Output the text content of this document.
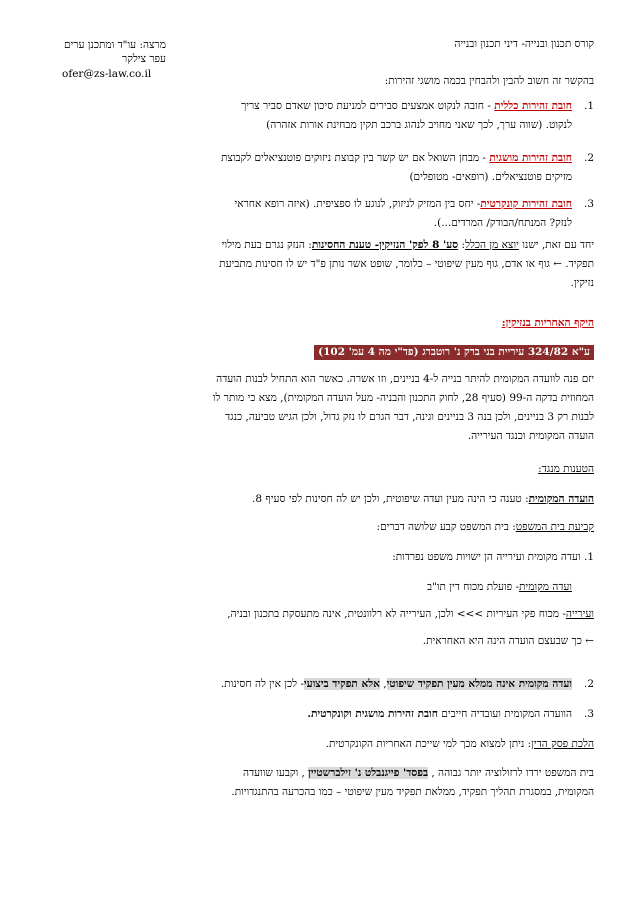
קורס תכנון ובנייה- דיני תכנון ובנייה
מרצה: עו"ד ומתכנן ערים
עפר צילקר
ofer@zs-law.co.il
בהקשר זה חשוב להבין ולהבחין בכמה מושגי זהירות:
1.חובת זהירות כללית - חובה לנקוט אמצעים סבירים למניעת סיכון שאדם סביר צריך
לנקוט. (שווה ערך, לכך שאני מחויב לנהוג ברכב תקין מבחינת אורות אזהרה)
2.חובת זהירות מושגית - מבחן השואל אם יש קשר בין קבוצת ניזוקים פוטנציאלים לקבוצת
מזיקים פוטנציאלים. (רופאים- מטופלים)
3.חובת זהירות קונקרטית- יחס בין המזיק לניזוק, לנוגע לו ספציפית. (איזה רופא אחראי
לנזק? המנתח/הבודק/ המרדים...).
יחד עם זאת, ישנו יוצא מן הכלל: סע' 8 לפק' הנזיקין- טענת החסינות: הנזק נגרם בעת מילוי
תפקיד. ← גוף או אדם, גוף מעין שיפוטי – כלומר, שופט אשר נותן פ"ד יש לו חסינות מתביעת
נזיקין.
היקף האחריות בנזיקין:
ע"א 324/82 עיריית בני ברק נ' רוטברג (פד"י מה 4 עמ' 102)
יזם פנה לוועדה המקומית להיתר בנייה ל-4 בניינים, וזו אשרה. כאשר הוא התחיל לבנות הועדה
המחוזית בדקה ה-99 (סעיף 28, לחוק התכנון והבניה- מעל הועדה המקומית), מצא כי מותר לו
לבנות רק 3 בניינים, ולכן בנה 3 בניינים וגינה, דבר הגרם לו נזק גדול, ולכן הגיש טביעה, כנגד
הועדה המקומית וכנגד העירייה.
הטענות מנגד:
הועדה המקומית: טענה כי הינה מעין ועדה שיפוטית, ולכן יש לה חסינות לפי סעיף 8.
קביעת בית המשפט: בית המשפט קבע שלושה דברים:
1. ועדה מקומית ועירייה הן ישויות משפט נפרדות:
ועדה מקומית- פועלת מכוח דין תו"ב
ועירייה- מכוח פקי העיריות >>> ולכן, העירייה לא רלוונטית, אינה מתעסקת בתכנון ובניה,
← כך שבעצם הועדה הינה היא האחראית.
2.ועדה מקומית אינה ממלא מעין תפקיד שיפוטי, אלא תפקיד ביצועי- לכן אין לה חסינות.
3.הוועדה המקומית ועובדיה חייבים חובת זהירות מושגית וקונקרטית.
הלכת פסק הדין: ניתן למצוא מכך למי שייכת האחריות הקונקרטית.
בית המשפט ירדו לרזולוציה יותר גבוהה , בפסד' פייגנבלט נ' זילברשטיין , וקבעו שוועדה
המקומית, במסגרת תהליך תפקיד, ממלאת תפקיד מעין שיפוטי – כמו בהכרעה בהתנגדויות.
